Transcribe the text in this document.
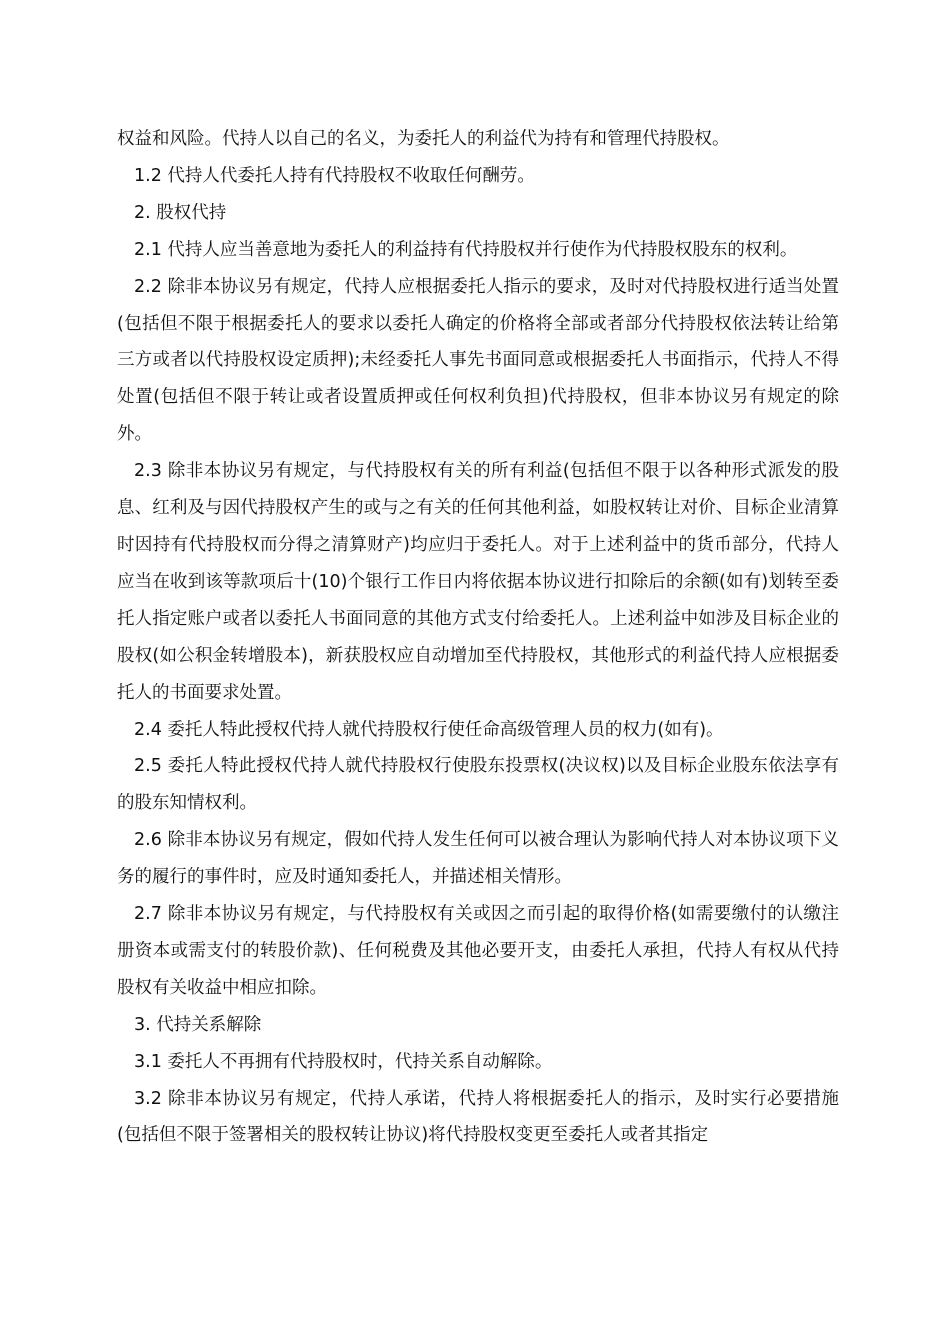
权益和风险。代持人以自己的名义，为委托人的利益代为持有和管理代持股权。

1.2 代持人代委托人持有代持股权不收取任何酬劳。

2. 股权代持

2.1 代持人应当善意地为委托人的利益持有代持股权并行使作为代持股权股东的权利。

2.2 除非本协议另有规定，代持人应根据委托人指示的要求，及时对代持股权进行适当处置(包括但不限于根据委托人的要求以委托人确定的价格将全部或者部分代持股权依法转让给第三方或者以代持股权设定质押);未经委托人事先书面同意或根据委托人书面指示，代持人不得处置(包括但不限于转让或者设置质押或任何权利负担)代持股权，但非本协议另有规定的除外。

2.3 除非本协议另有规定，与代持股权有关的所有利益(包括但不限于以各种形式派发的股息、红利及与因代持股权产生的或与之有关的任何其他利益，如股权转让对价、目标企业清算时因持有代持股权而分得之清算财产)均应归于委托人。对于上述利益中的货币部分，代持人应当在收到该等款项后十(10)个银行工作日内将依据本协议进行扣除后的余额(如有)划转至委托人指定账户或者以委托人书面同意的其他方式支付给委托人。上述利益中如涉及目标企业的股权(如公积金转增股本)，新获股权应自动增加至代持股权，其他形式的利益代持人应根据委托人的书面要求处置。

2.4 委托人特此授权代持人就代持股权行使任命高级管理人员的权力(如有)。

2.5 委托人特此授权代持人就代持股权行使股东投票权(决议权)以及目标企业股东依法享有的股东知情权利。

2.6 除非本协议另有规定，假如代持人发生任何可以被合理认为影响代持人对本协议项下义务的履行的事件时，应及时通知委托人，并描述相关情形。

2.7 除非本协议另有规定，与代持股权有关或因之而引起的取得价格(如需要缴付的认缴注册资本或需支付的转股价款)、任何税费及其他必要开支，由委托人承担，代持人有权从代持股权有关收益中相应扣除。

3. 代持关系解除

3.1 委托人不再拥有代持股权时，代持关系自动解除。

3.2 除非本协议另有规定，代持人承诺，代持人将根据委托人的指示，及时实行必要措施(包括但不限于签署相关的股权转让协议)将代持股权变更至委托人或者其指定
